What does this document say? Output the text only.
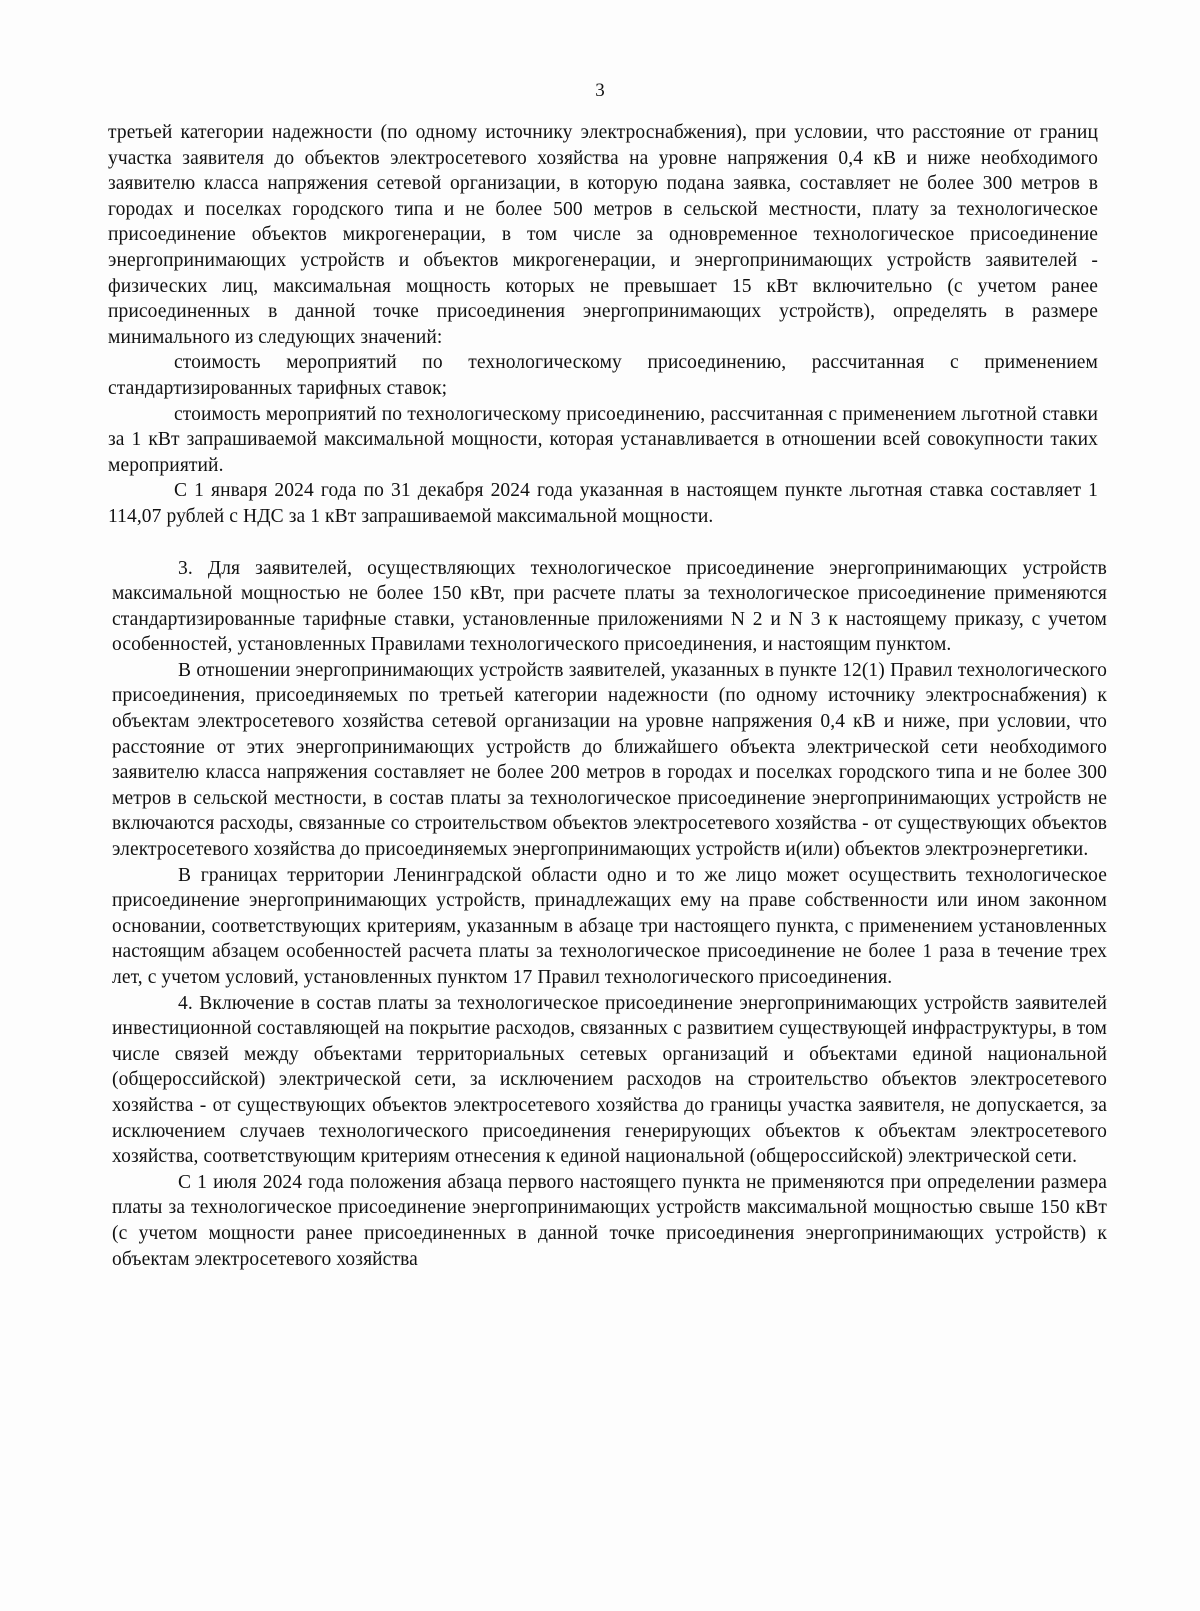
3

третьей категории надежности (по одному источнику электроснабжения), при условии, что расстояние от границ участка заявителя до объектов электросетевого хозяйства на уровне напряжения 0,4 кВ и ниже необходимого заявителю класса напряжения сетевой организации, в которую подана заявка, составляет не более 300 метров в городах и поселках городского типа и не более 500 метров в сельской местности, плату за технологическое присоединение объектов микрогенерации, в том числе за одновременное технологическое присоединение энергопринимающих устройств и объектов микрогенерации, и энергопринимающих устройств заявителей - физических лиц, максимальная мощность которых не превышает 15 кВт включительно (с учетом ранее присоединенных в данной точке присоединения энергопринимающих устройств), определять в размере минимального из следующих значений:

стоимость мероприятий по технологическому присоединению, рассчитанная с применением стандартизированных тарифных ставок;

стоимость мероприятий по технологическому присоединению, рассчитанная с применением льготной ставки за 1 кВт запрашиваемой максимальной мощности, которая устанавливается в отношении всей совокупности таких мероприятий.

С 1 января 2024 года по 31 декабря 2024 года указанная в настоящем пункте льготная ставка составляет 1 114,07 рублей с НДС за 1 кВт запрашиваемой максимальной мощности.

3. Для заявителей, осуществляющих технологическое присоединение энергопринимающих устройств максимальной мощностью не более 150 кВт, при расчете платы за технологическое присоединение применяются стандартизированные тарифные ставки, установленные приложениями N 2 и N 3 к настоящему приказу, с учетом особенностей, установленных Правилами технологического присоединения, и настоящим пунктом.

В отношении энергопринимающих устройств заявителей, указанных в пункте 12(1) Правил технологического присоединения, присоединяемых по третьей категории надежности (по одному источнику электроснабжения) к объектам электросетевого хозяйства сетевой организации на уровне напряжения 0,4 кВ и ниже, при условии, что расстояние от этих энергопринимающих устройств до ближайшего объекта электрической сети необходимого заявителю класса напряжения составляет не более 200 метров в городах и поселках городского типа и не более 300 метров в сельской местности, в состав платы за технологическое присоединение энергопринимающих устройств не включаются расходы, связанные со строительством объектов электросетевого хозяйства - от существующих объектов электросетевого хозяйства до присоединяемых энергопринимающих устройств и(или) объектов электроэнергетики.

В границах территории Ленинградской области одно и то же лицо может осуществить технологическое присоединение энергопринимающих устройств, принадлежащих ему на праве собственности или ином законном основании, соответствующих критериям, указанным в абзаце три настоящего пункта, с применением установленных настоящим абзацем особенностей расчета платы за технологическое присоединение не более 1 раза в течение трех лет, с учетом условий, установленных пунктом 17 Правил технологического присоединения.

4. Включение в состав платы за технологическое присоединение энергопринимающих устройств заявителей инвестиционной составляющей на покрытие расходов, связанных с развитием существующей инфраструктуры, в том числе связей между объектами территориальных сетевых организаций и объектами единой национальной (общероссийской) электрической сети, за исключением расходов на строительство объектов электросетевого хозяйства - от существующих объектов электросетевого хозяйства до границы участка заявителя, не допускается, за исключением случаев технологического присоединения генерирующих объектов к объектам электросетевого хозяйства, соответствующим критериям отнесения к единой национальной (общероссийской) электрической сети.

С 1 июля 2024 года положения абзаца первого настоящего пункта не применяются при определении размера платы за технологическое присоединение энергопринимающих устройств максимальной мощностью свыше 150 кВт (с учетом мощности ранее присоединенных в данной точке присоединения энергопринимающих устройств) к объектам электросетевого хозяйства
